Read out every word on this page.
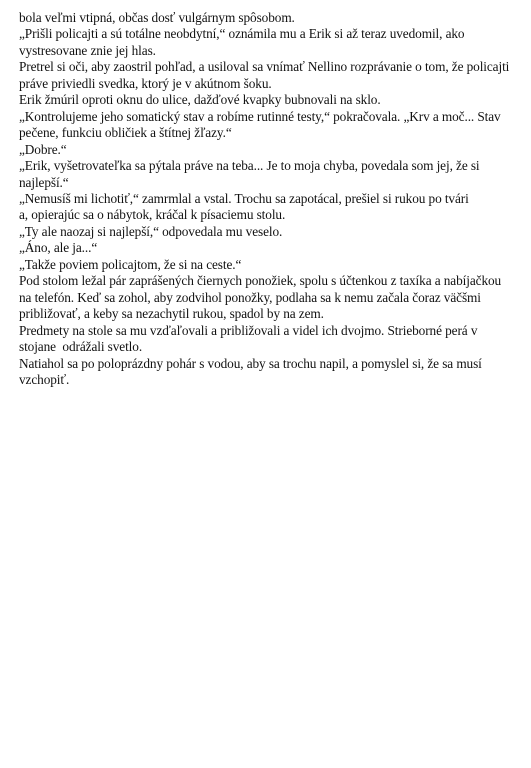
bola veľmi vtipná, občas dosť vulgárnym spôsobom.
„Prišli policajti a sú totálne neobdytní,“ oznámila mu a Erik si až teraz uvedomil, ako
vystresovane znie jej hlas.
Pretrel si oči, aby zaostril pohľad, a usiloval sa vnímať Nellino rozprávanie o tom, že policajti
práve priviedli svedka, ktorý je v akútnom šoku.
Erik žmúril oproti oknu do ulice, dažďové kvapky bubnovali na sklo.
„Kontrolujeme jeho somatický stav a robíme rutinné testy,“ pokračovala. „Krv a moč... Stav
pečene, funkciu obličiek a štítnej žľazy.“
„Dobre.“
„Erik, vyšetrovateľka sa pýtala práve na teba... Je to moja chyba, povedala som jej, že si
najlepší.“
„Nemusíš mi lichotiť,“ zamrmlal a vstal. Trochu sa zapotácal, prešiel si rukou po tvári
a, opierajúc sa o nábytok, kráčal k písaciemu stolu.
„Ty ale naozaj si najlepší,“ odpovedala mu veselo.
„Áno, ale ja...“
„Takže poviem policajtom, že si na ceste.“
Pod stolom ležal pár zaprášených čiernych ponožiek, spolu s účtenkou z taxíka a nabíjačkou
na telefón. Keď sa zohol, aby zodvihol ponožky, podlaha sa k nemu začala čoraz väčšmi
približovať, a keby sa nezachytil rukou, spadol by na zem.
Predmety na stole sa mu vzďaľovali a približovali a videl ich dvojmo. Strieborné perá v
stojane  odrážali svetlo.
Natiahol sa po poloprázdny pohár s vodou, aby sa trochu napil, a pomyslel si, že sa musí
vzchopiť.
